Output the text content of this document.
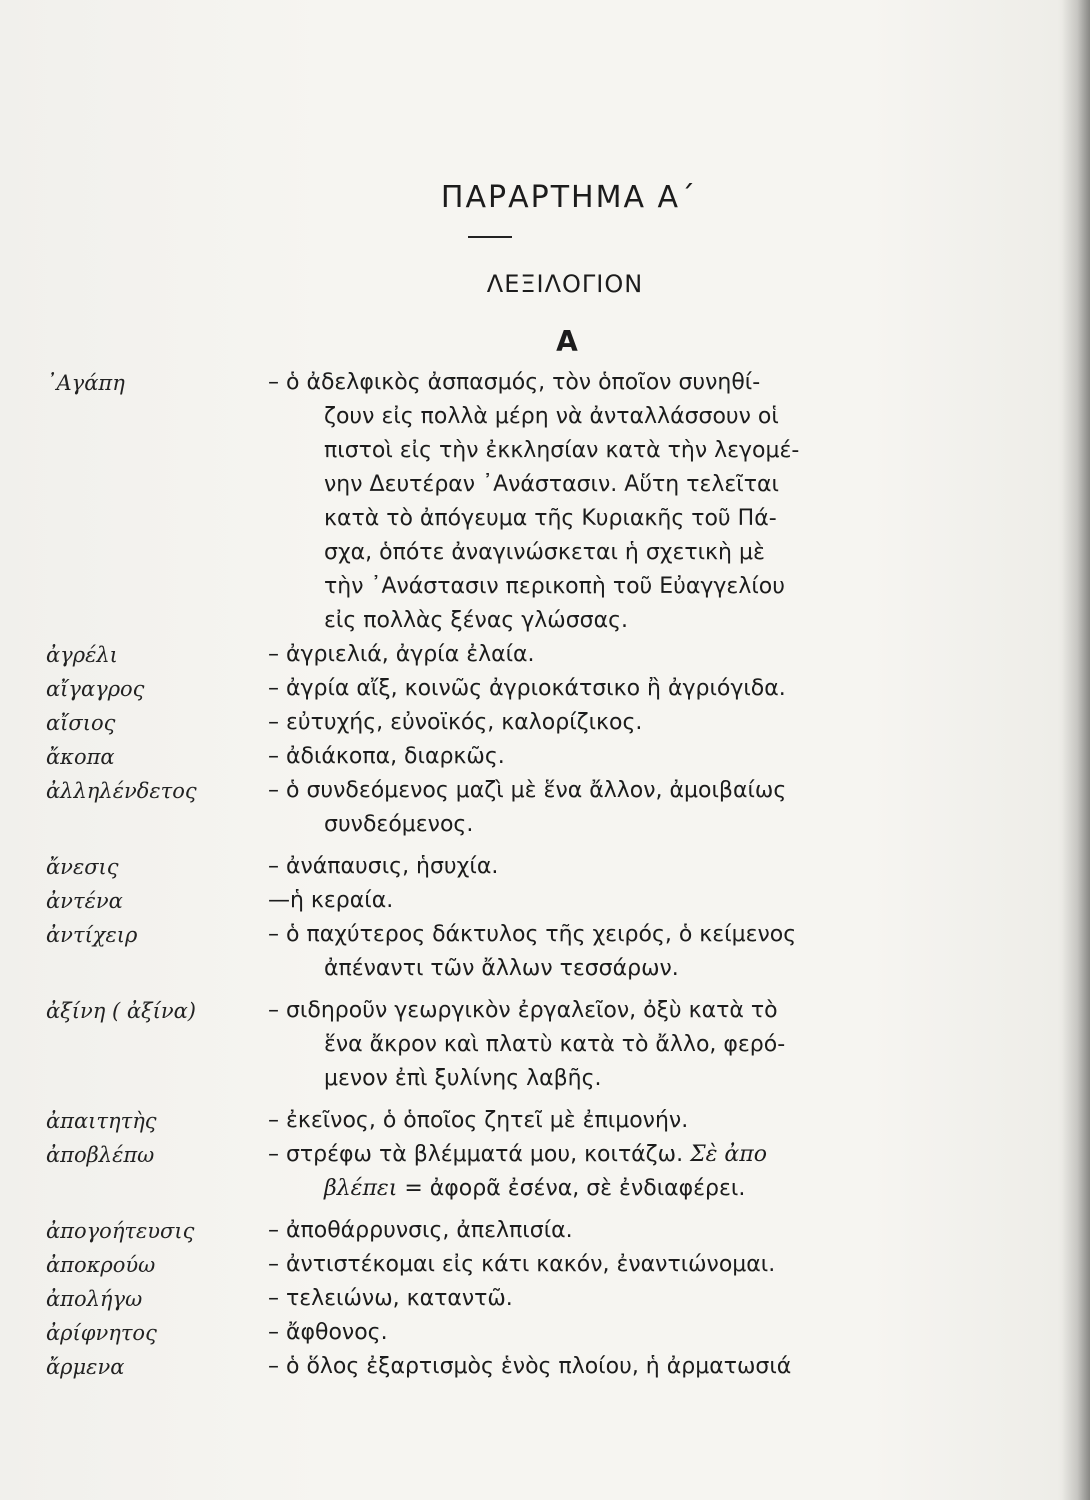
ΠΑΡΑΡΤΗΜΑ Α΄
ΛΕΞΙΛΟΓΙΟΝ
Α
᾿Αγάπη	– ὁ ἀδελφικὸς ἀσπασμός, τὸν ὁποῖον συνηθί-
ζουν εἰς πολλὰ μέρη νὰ ἀνταλλάσσουν οἱ
πιστοὶ εἰς τὴν ἐκκλησίαν κατὰ τὴν λεγομέ-
νην Δευτέραν ᾿Ανάστασιν. Αὕτη τελεῖται
κατὰ τὸ ἀπόγευμα τῆς Κυριακῆς τοῦ Πά-
σχα, ὁπότε ἀναγινώσκεται ἡ σχετικὴ μὲ
τὴν ᾿Ανάστασιν περικοπὴ τοῦ Εὐαγγελίου
εἰς πολλὰς ξένας γλώσσας.
ἀγρέλι	– ἀγριελιά, ἀγρία ἐλαία.
αἴγαγρος	– ἀγρία αἴξ, κοινῶς ἀγριοκάτσικο ἢ ἀγριόγιδα.
αἴσιος	– εὐτυχής, εὐνοϊκός, καλορίζικος.
ἄκοπα	– ἀδιάκοπα, διαρκῶς.
ἀλληλένδετος	– ὁ συνδεόμενος μαζὶ μὲ ἕνα ἄλλον, ἀμοιβαίως
συνδεόμενος.
ἄνεσις	– ἀνάπαυσις, ἡσυχία.
ἀντένα	—ἡ κεραία.
ἀντίχειρ	– ὁ παχύτερος δάκτυλος τῆς χειρός, ὁ κείμενος
ἀπέναντι τῶν ἄλλων τεσσάρων.
ἀξίνη ( ἀξίνα)	– σιδηροῦν γεωργικὸν ἐργαλεῖον, ὀξὺ κατὰ τὸ
ἕνα ἄκρον καὶ πλατὺ κατὰ τὸ ἄλλο, φερό-
μενον ἐπὶ ξυλίνης λαβῆς.
ἀπαιτητὴς	– ἐκεῖνος, ὁ ὁποῖος ζητεῖ μὲ ἐπιμονήν.
ἀποβλέπω	– στρέφω τὰ βλέμματά μου, κοιτάζω. Σὲ ἀπο
βλέπει = ἀφορᾶ ἐσένα, σὲ ἐνδιαφέρει.
ἀπογοήτευσις	– ἀποθάρρυνσις, ἀπελπισία.
ἀποκρούω	– ἀντιστέκομαι εἰς κάτι κακόν, ἐναντιώνομαι.
ἀπολήγω	– τελειώνω, καταντῶ.
ἀρίφνητος	– ἄφθονος.
ἄρμενα	– ὁ ὅλος ἐξαρτισμὸς ἑνὸς πλοίου, ἡ ἀρματωσιά
